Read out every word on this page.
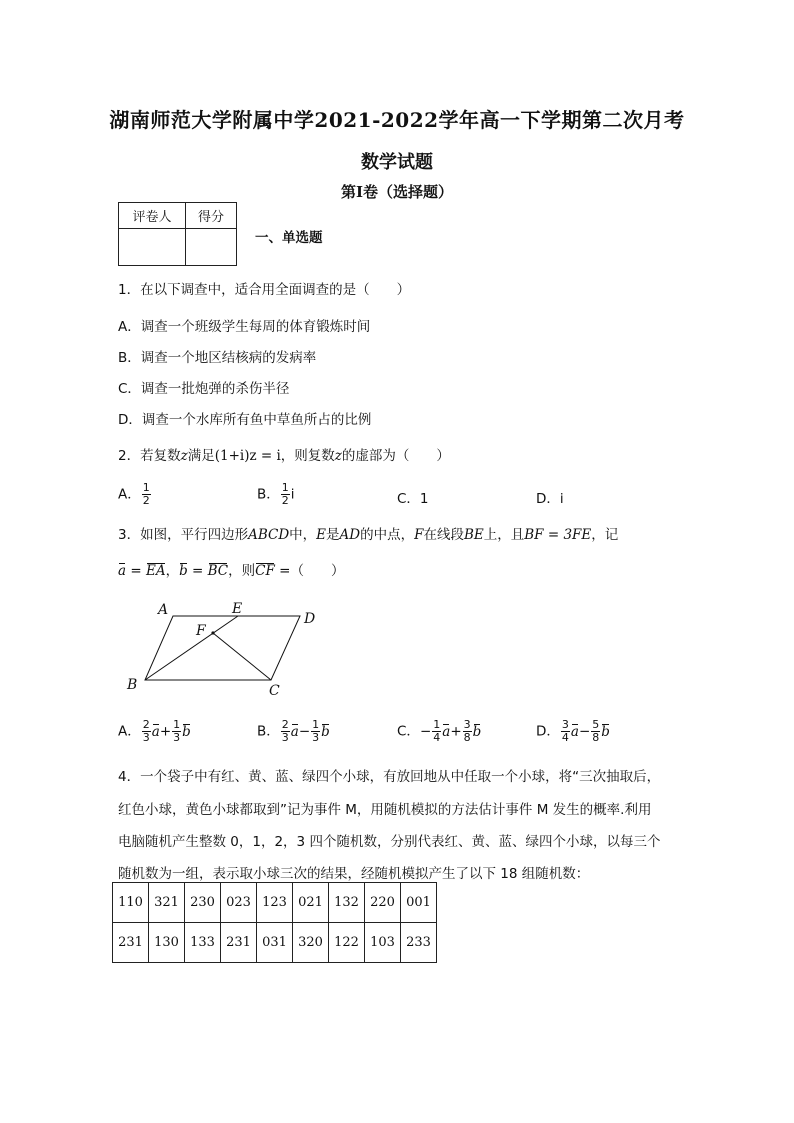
湖南师范大学附属中学2021-2022学年高一下学期第二次月考
数学试题
第I卷（选择题）
评卷人	得分

一、单选题
1．在以下调查中，适合用全面调查的是（　　）
A．调查一个班级学生每周的体育锻炼时间
B．调查一个地区结核病的发病率
C．调查一批炮弹的杀伤半径
D．调查一个水库所有鱼中草鱼所占的比例
2．若复数z满足(1+i)z = i，则复数z的虚部为（　　）
A． $\frac{1}{2}$	B． $\frac{1}{2}$ i	C．1	D．i
3．如图，平行四边形ABCD中，E是AD的中点，F在线段BE上，且BF = 3FE，记
a = EA，b = BC，则CF =（　　）
A	E
D
F
B	C
A． $\frac{2}{3} a+ \frac{1}{3}$ b	B． $\frac{2}{3} a- \frac{1}{3}$ b	C．− $\frac{1}{4} a+ \frac{3}{8}$ b	D． $\frac{3}{4} a- \frac{5}{8}$ b
4．一个袋子中有红、黄、蓝、绿四个小球，有放回地从中任取一个小球，将“三次抽取后，
红色小球，黄色小球都取到”记为事件 M，用随机模拟的方法估计事件 M 发生的概率.利用
电脑随机产生整数 0，1，2，3 四个随机数，分别代表红、黄、蓝、绿四个小球，以每三个
随机数为一组，表示取小球三次的结果，经随机模拟产生了以下 18 组随机数：
110	321	230	023	123	021	132	220	001
231	130	133	231	031	320	122	103	233
